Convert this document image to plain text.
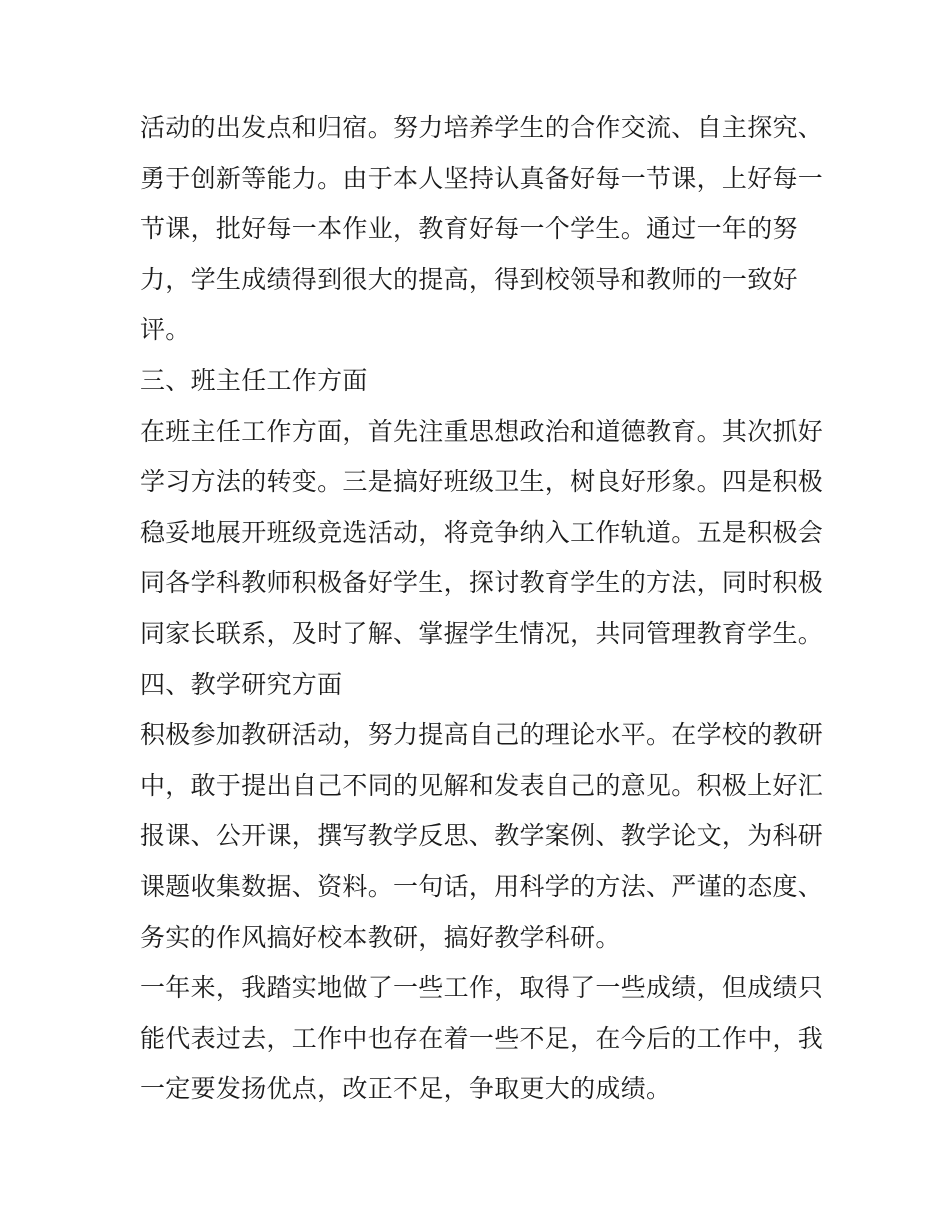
活动的出发点和归宿。努力培养学生的合作交流、自主探究、
勇于创新等能力。由于本人坚持认真备好每一节课，上好每一
节课，批好每一本作业，教育好每一个学生。通过一年的努
力，学生成绩得到很大的提高，得到校领导和教师的一致好
评。
三、班主任工作方面
在班主任工作方面，首先注重思想政治和道德教育。其次抓好
学习方法的转变。三是搞好班级卫生，树良好形象。四是积极
稳妥地展开班级竞选活动，将竞争纳入工作轨道。五是积极会
同各学科教师积极备好学生，探讨教育学生的方法，同时积极
同家长联系，及时了解、掌握学生情况，共同管理教育学生。
四、教学研究方面
积极参加教研活动，努力提高自己的理论水平。在学校的教研
中，敢于提出自己不同的见解和发表自己的意见。积极上好汇
报课、公开课，撰写教学反思、教学案例、教学论文，为科研
课题收集数据、资料。一句话，用科学的方法、严谨的态度、
务实的作风搞好校本教研，搞好教学科研。
一年来，我踏实地做了一些工作，取得了一些成绩，但成绩只
能代表过去，工作中也存在着一些不足，在今后的工作中，我
一定要发扬优点，改正不足，争取更大的成绩。
